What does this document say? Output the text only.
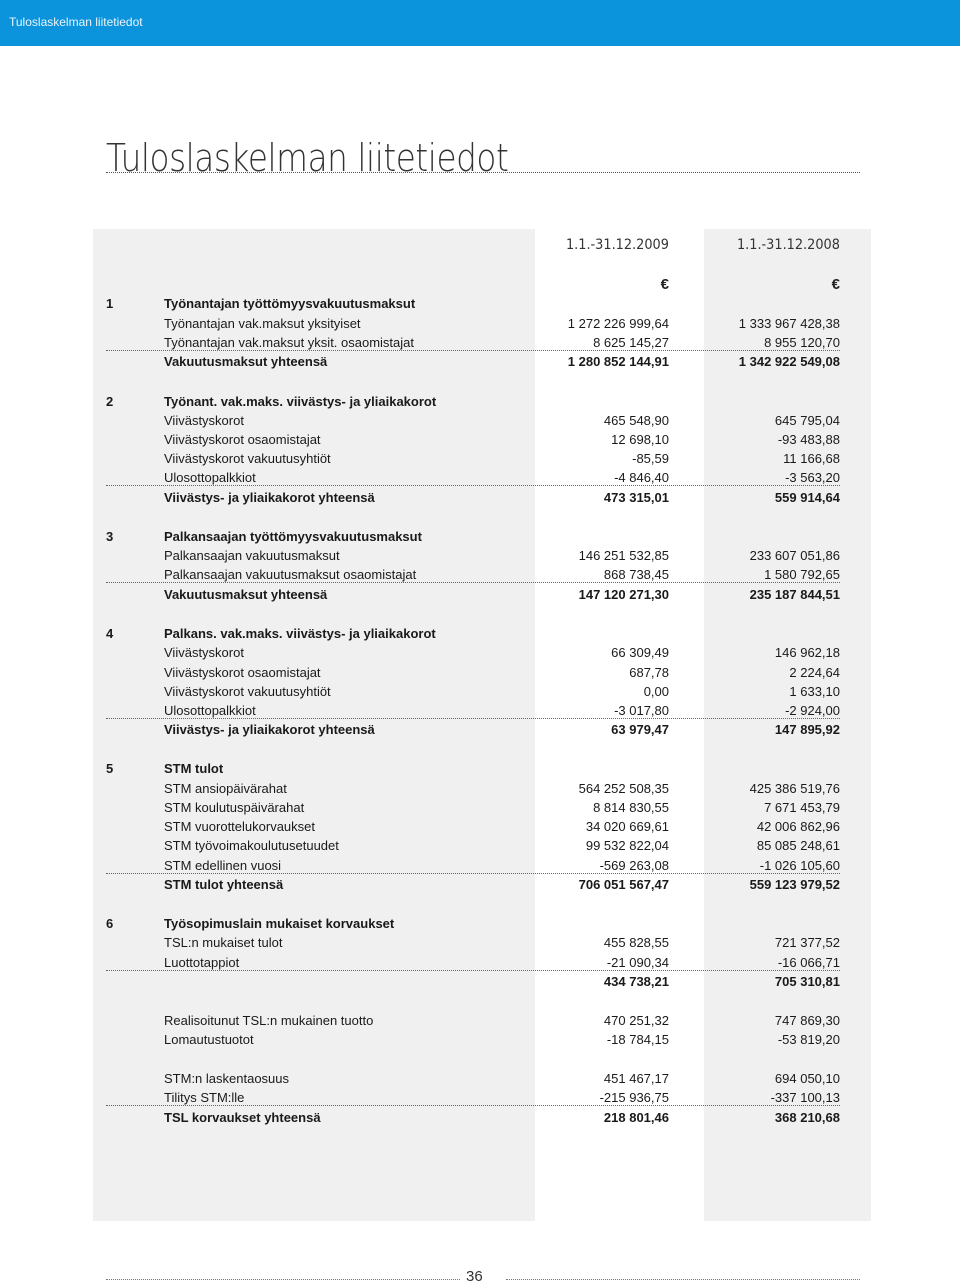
Tuloslaskelman liitetiedot
Tuloslaskelman liitetiedot
1.1.-31.12.2009	1.1.-31.12.2008
€	€
1	Työnantajan työttömyysvakuutusmaksut
Työnantajan vak.maksut yksityiset	1 272 226 999,64	1 333 967 428,38
Työnantajan vak.maksut yksit. osaomistajat	8 625 145,27	8 955 120,70
Vakuutusmaksut yhteensä	1 280 852 144,91	1 342 922 549,08
2	Työnant. vak.maks. viivästys- ja yliaikakorot
Viivästyskorot	465 548,90	645 795,04
Viivästyskorot osaomistajat	12 698,10	-93 483,88
Viivästyskorot vakuutusyhtiöt	-85,59	11 166,68
Ulosottopalkkiot	-4 846,40	-3 563,20
Viivästys- ja yliaikakorot yhteensä	473 315,01	559 914,64
3	Palkansaajan työttömyysvakuutusmaksut
Palkansaajan vakuutusmaksut	146 251 532,85	233 607 051,86
Palkansaajan vakuutusmaksut osaomistajat	868 738,45	1 580 792,65
Vakuutusmaksut yhteensä	147 120 271,30	235 187 844,51
4	Palkans. vak.maks. viivästys- ja yliaikakorot
Viivästyskorot	66 309,49	146 962,18
Viivästyskorot osaomistajat	687,78	2 224,64
Viivästyskorot vakuutusyhtiöt	0,00	1 633,10
Ulosottopalkkiot	-3 017,80	-2 924,00
Viivästys- ja yliaikakorot yhteensä	63 979,47	147 895,92
5	STM tulot
STM ansiopäivärahat	564 252 508,35	425 386 519,76
STM koulutuspäivärahat	8 814 830,55	7 671 453,79
STM vuorottelukorvaukset	34 020 669,61	42 006 862,96
STM työvoimakoulutusetuudet	99 532 822,04	85 085 248,61
STM edellinen vuosi	-569 263,08	-1 026 105,60
STM tulot yhteensä	706 051 567,47	559 123 979,52
6	Työsopimuslain mukaiset korvaukset
TSL:n mukaiset tulot	455 828,55	721 377,52
Luottotappiot	-21 090,34	-16 066,71
434 738,21	705 310,81
Realisoitunut TSL:n mukainen tuotto	470 251,32	747 869,30
Lomautustuotot	-18 784,15	-53 819,20
STM:n laskentaosuus	451 467,17	694 050,10
Tilitys STM:lle	-215 936,75	-337 100,13
TSL korvaukset yhteensä	218 801,46	368 210,68
36
